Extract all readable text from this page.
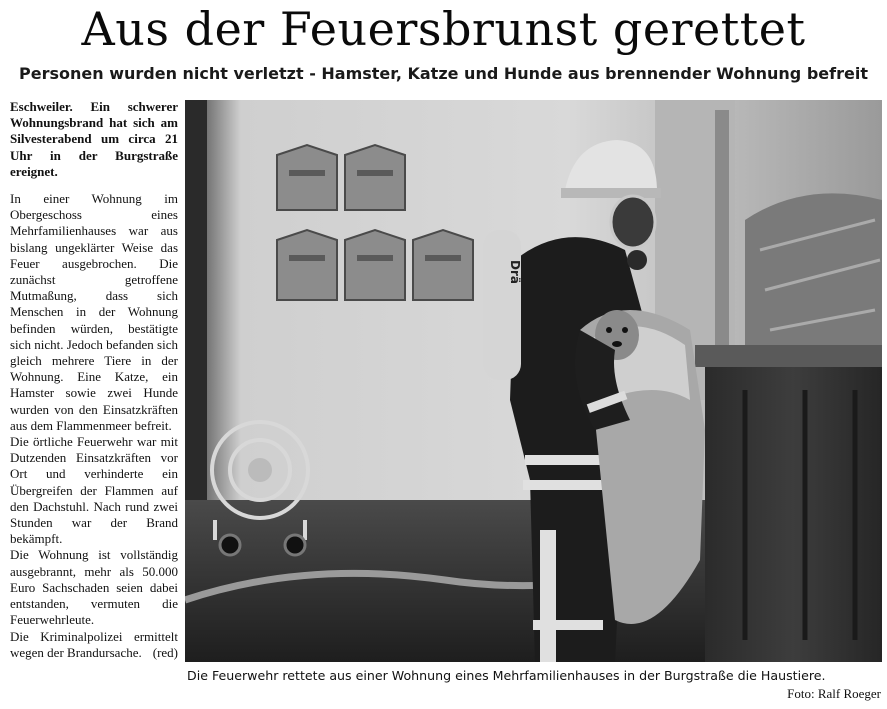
Aus der Feuersbrunst gerettet
Personen wurden nicht verletzt - Hamster, Katze und Hunde aus brennender Wohnung befreit

Eschweiler. Ein schwerer Wohnungsbrand hat sich am Silvesterabend um circa 21 Uhr in der Burgstraße ereignet.

In einer Wohnung im Obergeschoss eines Mehrfamilienhauses war aus bislang ungeklärter Weise das Feuer ausgebrochen. Die zunächst getroffene Mutmaßung, dass sich Menschen in der Wohnung befinden würden, bestätigte sich nicht. Jedoch befanden sich gleich mehrere Tiere in der Wohnung. Eine Katze, ein Hamster sowie zwei Hunde wurden von den Einsatzkräften aus dem Flammenmeer befreit.

Die örtliche Feuerwehr war mit Dutzenden Einsatzkräften vor Ort und verhinderte ein Übergreifen der Flammen auf den Dachstuhl. Nach rund zwei Stunden war der Brand bekämpft.

Die Wohnung ist vollständig ausgebrannt, mehr als 50.000 Euro Sachschaden seien dabei entstanden, vermuten die Feuerwehrleute.

Die Kriminalpolizei ermittelt wegen der Brandursache. (red)

Drä
Die Feuerwehr rettete aus einer Wohnung eines Mehrfamilienhauses in der Burgstraße die Haustiere.
Foto: Ralf Roeger
